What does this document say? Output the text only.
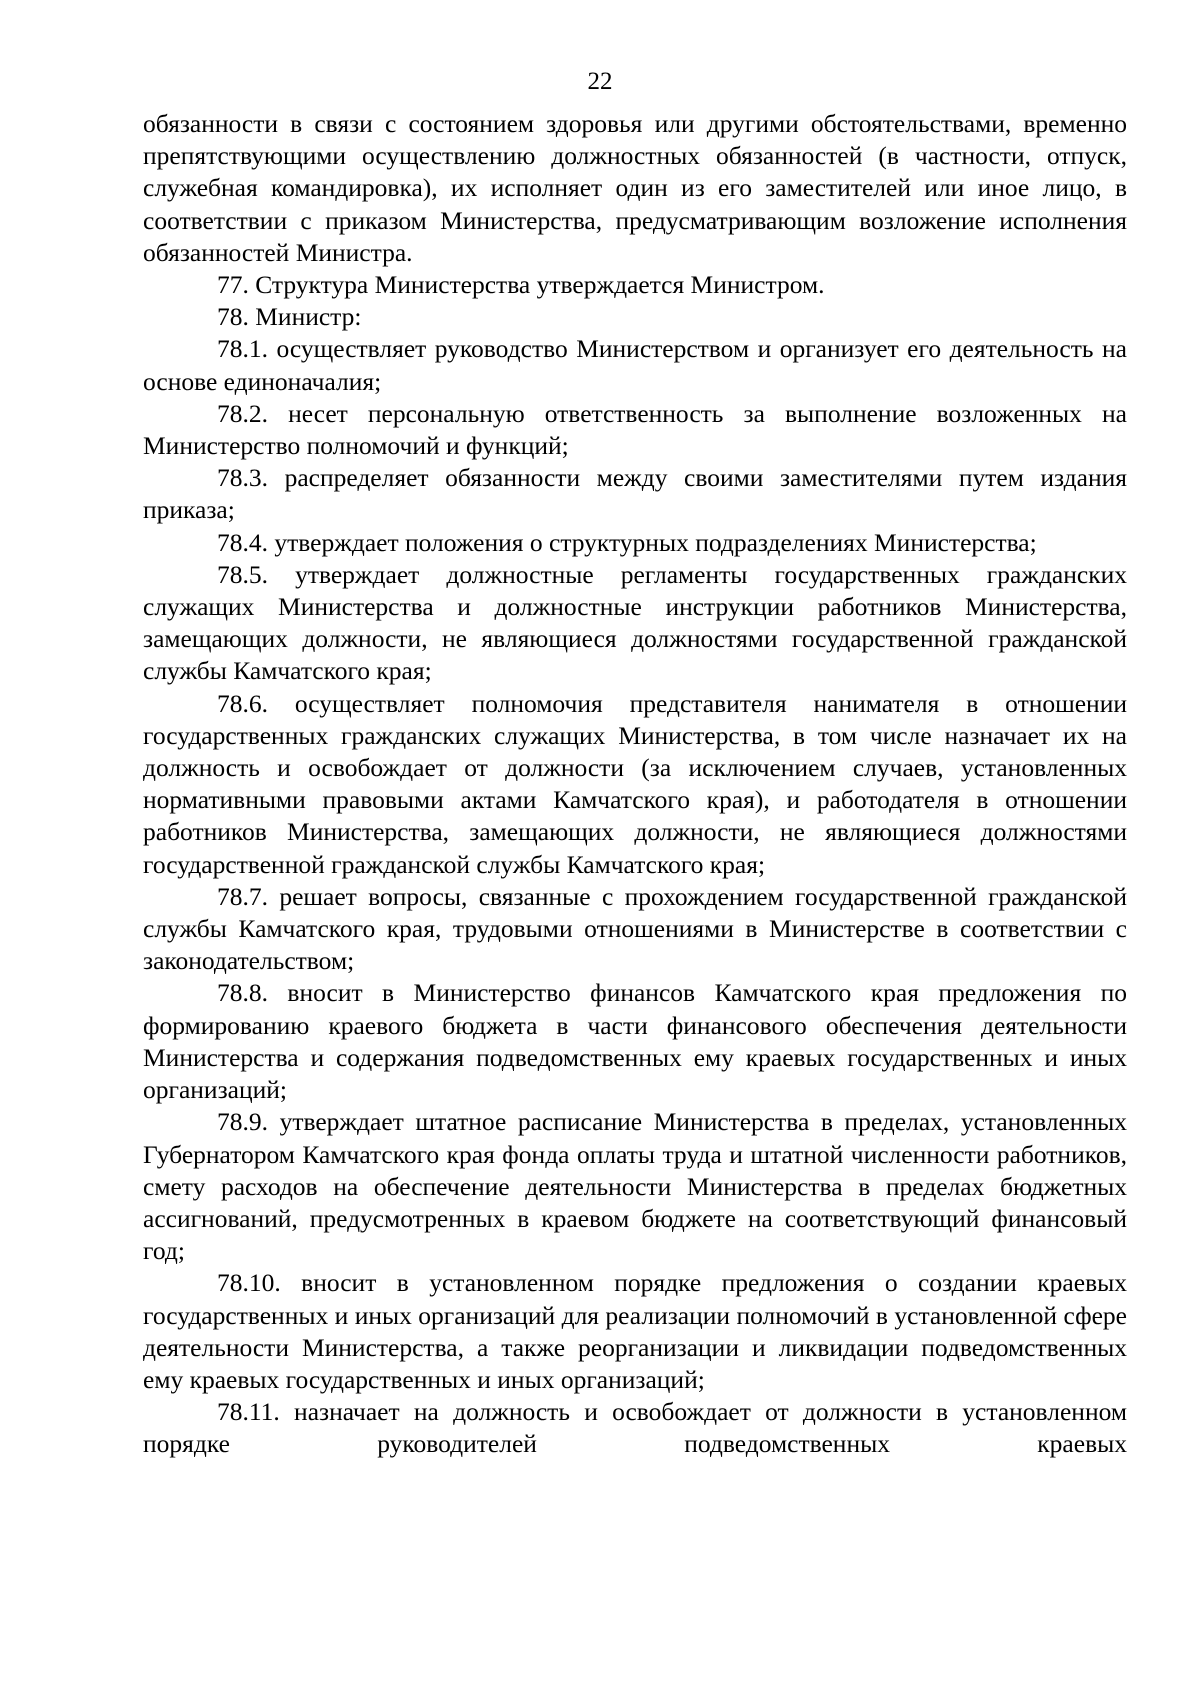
22

обязанности в связи с состоянием здоровья или другими обстоятельствами, временно препятствующими осуществлению должностных обязанностей (в частности, отпуск, служебная командировка), их исполняет один из его заместителей или иное лицо, в соответствии с приказом Министерства, предусматривающим возложение исполнения обязанностей Министра.

77. Структура Министерства утверждается Министром.

78. Министр:

78.1. осуществляет руководство Министерством и организует его деятельность на основе единоначалия;

78.2. несет персональную ответственность за выполнение возложенных на Министерство полномочий и функций;

78.3. распределяет обязанности между своими заместителями путем издания приказа;

78.4. утверждает положения о структурных подразделениях Министерства;

78.5. утверждает должностные регламенты государственных гражданских служащих Министерства и должностные инструкции работников Министерства, замещающих должности, не являющиеся должностями государственной гражданской службы Камчатского края;

78.6. осуществляет полномочия представителя нанимателя в отношении государственных гражданских служащих Министерства, в том числе назначает их на должность и освобождает от должности (за исключением случаев, установленных нормативными правовыми актами Камчатского края), и работодателя в отношении работников Министерства, замещающих должности, не являющиеся должностями государственной гражданской службы Камчатского края;

78.7. решает вопросы, связанные с прохождением государственной гражданской службы Камчатского края, трудовыми отношениями в Министерстве в соответствии с законодательством;

78.8. вносит в Министерство финансов Камчатского края предложения по формированию краевого бюджета в части финансового обеспечения деятельности Министерства и содержания подведомственных ему краевых государственных и иных организаций;

78.9. утверждает штатное расписание Министерства в пределах, установленных Губернатором Камчатского края фонда оплаты труда и штатной численности работников, смету расходов на обеспечение деятельности Министерства в пределах бюджетных ассигнований, предусмотренных в краевом бюджете на соответствующий финансовый год;

78.10. вносит в установленном порядке предложения о создании краевых государственных и иных организаций для реализации полномочий в установленной сфере деятельности Министерства, а также реорганизации и ликвидации подведомственных ему краевых государственных и иных организаций;

78.11. назначает на должность и освобождает от должности в установленном порядке руководителей подведомственных краевых
